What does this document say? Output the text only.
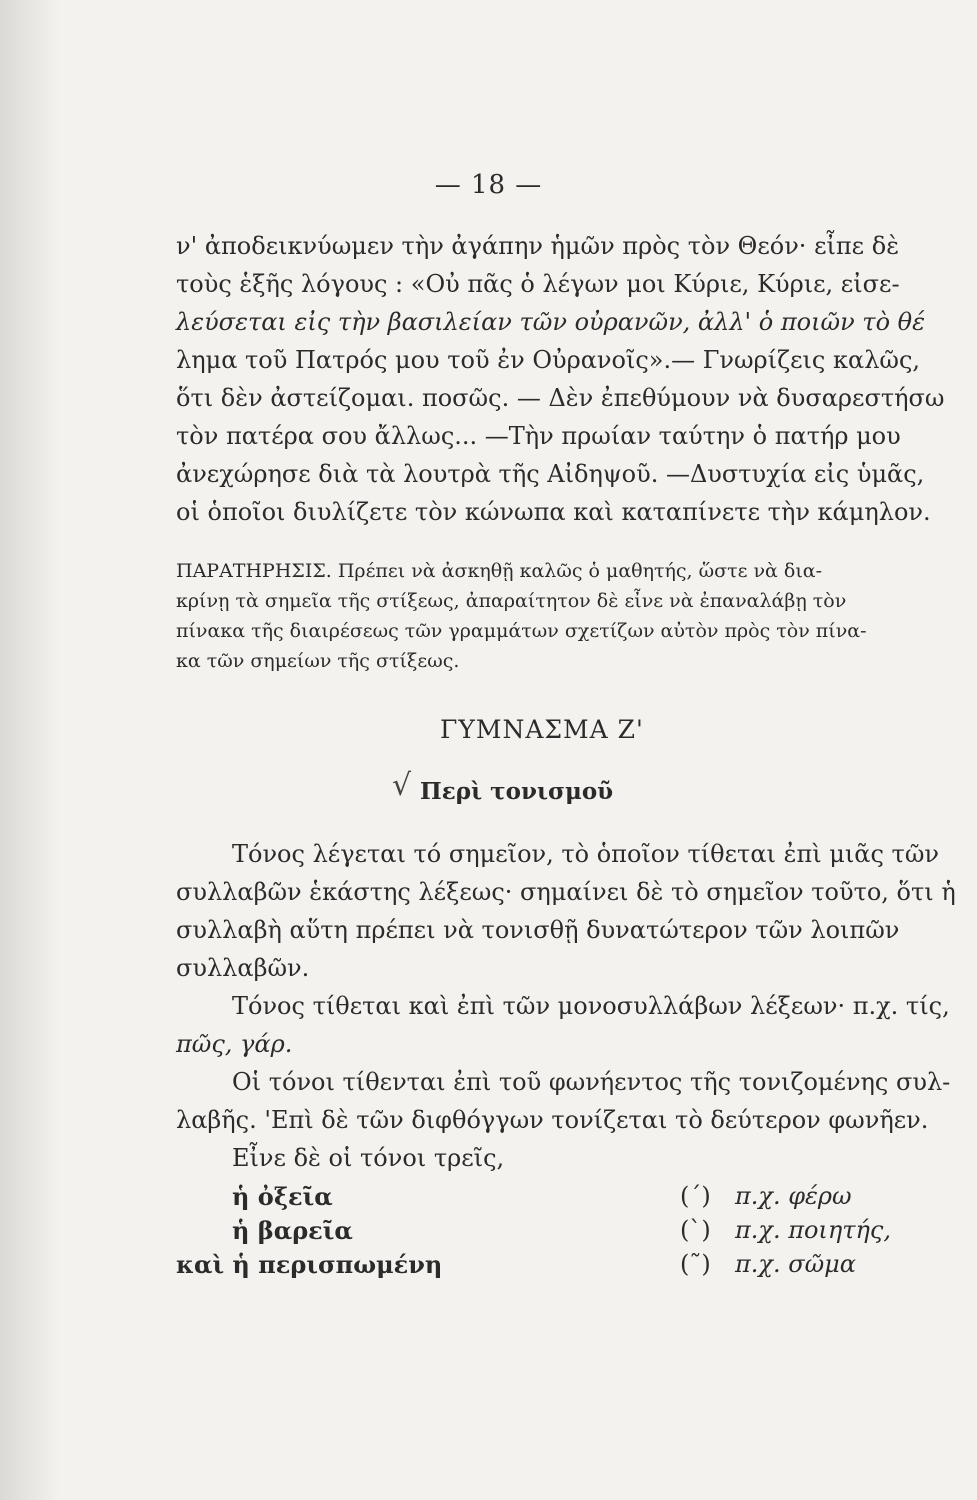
— 18 —
ν' ἀποδεικνύωμεν τὴν ἀγάπην ἡμῶν πρὸς τὸν Θεόν· εἶπε δὲ
τοὺς ἑξῆς λόγους : «Οὐ πᾶς ὁ λέγων μοι Κύριε, Κύριε, εἰσε-
λεύσεται εἰς τὴν βασιλείαν τῶν οὐρανῶν, ἀλλ' ὁ ποιῶν τὸ θέ
λημα τοῦ Πατρός μου τοῦ ἐν Οὐρανοῖς».— Γνωρίζεις καλῶς,
ὅτι δὲν ἀστείζομαι. ποσῶς. — Δὲν ἐπεθύμουν νὰ δυσαρεστήσω
τὸν πατέρα σου ἄλλως... —Τὴν πρωίαν ταύτην ὁ πατήρ μου
ἀνεχώρησε διὰ τὰ λουτρὰ τῆς Αἰδηψοῦ. —Δυστυχία εἰς ὑμᾶς,
οἱ ὁποῖοι διυλίζετε τὸν κώνωπα καὶ καταπίνετε τὴν κάμηλον.
ΠΑΡΑΤΗΡΗΣΙΣ. Πρέπει νὰ ἀσκηθῇ καλῶς ὁ μαθητής, ὥστε νὰ δια-
κρίνῃ τὰ σημεῖα τῆς στίξεως, ἀπαραίτητον δὲ εἶνε νὰ ἐπαναλάβῃ τὸν
πίνακα τῆς διαιρέσεως τῶν γραμμάτων σχετίζων αὐτὸν πρὸς τὸν πίνα-
κα τῶν σημείων τῆς στίξεως.
ΓΥΜΝΑΣΜΑ Ζ'
√ Περὶ τονισμοῦ
Τόνος λέγεται τό σημεῖον, τὸ ὁποῖον τίθεται ἐπὶ μιᾶς τῶν
συλλαβῶν ἑκάστης λέξεως· σημαίνει δὲ τὸ σημεῖον τοῦτο, ὅτι ἡ
συλλαβὴ αὕτη πρέπει νὰ τονισθῇ δυνατώτερον τῶν λοιπῶν
συλλαβῶν.
Τόνος τίθεται καὶ ἐπὶ τῶν μονοσυλλάβων λέξεων· π.χ. τίς,
πῶς, γάρ.
Οἱ τόνοι τίθενται ἐπὶ τοῦ φωνήεντος τῆς τονιζομένης συλ-
λαβῆς. 'Επὶ δὲ τῶν διφθόγγων τονίζεται τὸ δεύτερον φωνῆεν.
Εἶνε δὲ οἱ τόνοι τρεῖς,
ἡ ὀξεῖα	(΄) π.χ. φέρω
ἡ βαρεῖα	(`) π.χ. ποιητής,
καὶ ἡ περισπωμένη	(῀) π.χ. σῶμα
